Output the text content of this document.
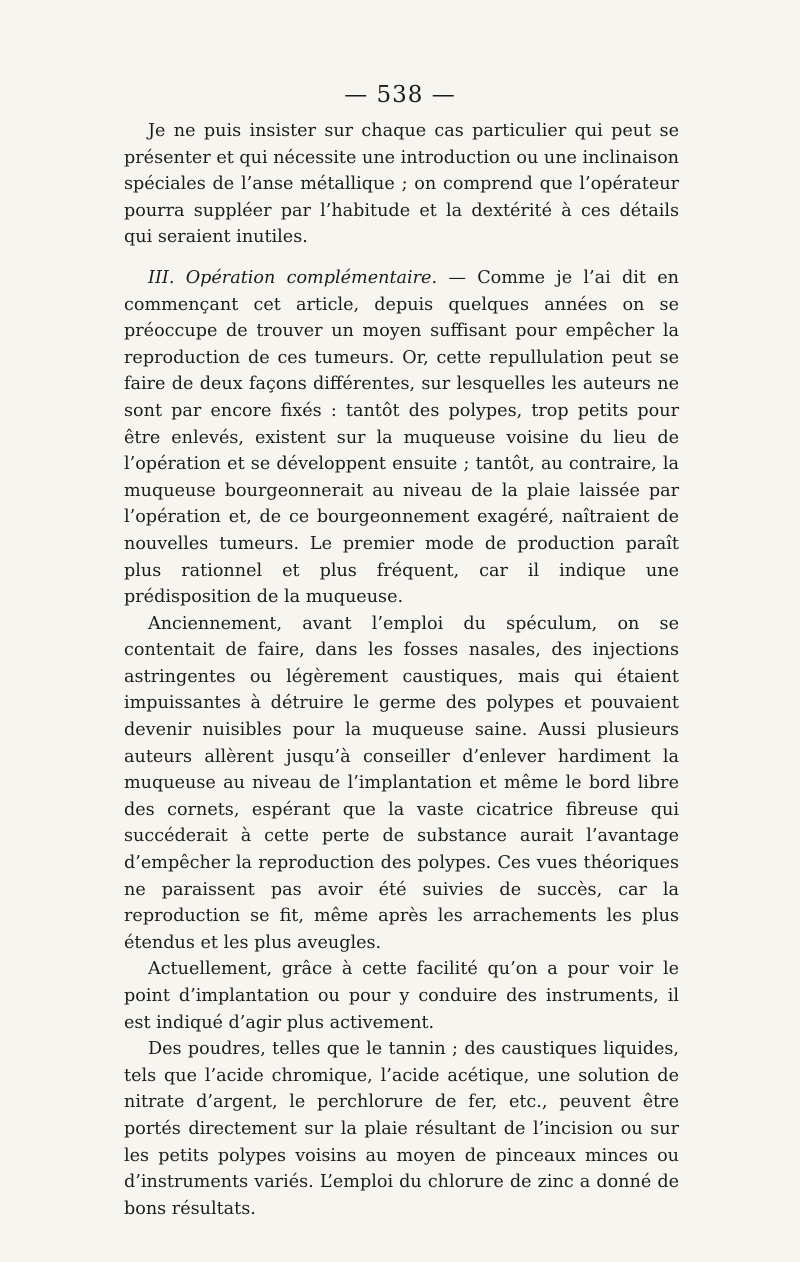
— 538 —

Je ne puis insister sur chaque cas particulier qui peut se présenter et qui nécessite une introduction ou une inclinaison spéciales de l’anse métallique ; on comprend que l’opérateur pourra suppléer par l’habitude et la dextérité à ces détails qui seraient inutiles.

III. Opération complémentaire. — Comme je l’ai dit en commençant cet article, depuis quelques années on se préoccupe de trouver un moyen suffisant pour empêcher la reproduction de ces tumeurs. Or, cette repullulation peut se faire de deux façons différentes, sur lesquelles les auteurs ne sont par encore fixés : tantôt des polypes, trop petits pour être enlevés, existent sur la muqueuse voisine du lieu de l’opération et se développent ensuite ; tantôt, au contraire, la muqueuse bourgeonnerait au niveau de la plaie laissée par l’opération et, de ce bourgeonnement exagéré, naîtraient de nouvelles tumeurs. Le premier mode de production paraît plus rationnel et plus fréquent, car il indique une prédisposition de la muqueuse.

Anciennement, avant l’emploi du spéculum, on se contentait de faire, dans les fosses nasales, des injections astringentes ou légèrement caustiques, mais qui étaient impuissantes à détruire le germe des polypes et pouvaient devenir nuisibles pour la muqueuse saine. Aussi plusieurs auteurs allèrent jusqu’à conseiller d’enlever hardiment la muqueuse au niveau de l’implantation et même le bord libre des cornets, espérant que la vaste cicatrice fibreuse qui succéderait à cette perte de substance aurait l’avantage d’empêcher la reproduction des polypes. Ces vues théoriques ne paraissent pas avoir été suivies de succès, car la reproduction se fit, même après les arrachements les plus étendus et les plus aveugles.

Actuellement, grâce à cette facilité qu’on a pour voir le point d’implantation ou pour y conduire des instruments, il est indiqué d’agir plus activement.

Des poudres, telles que le tannin ; des caustiques liquides, tels que l’acide chromique, l’acide acétique, une solution de nitrate d’argent, le perchlorure de fer, etc., peuvent être portés directement sur la plaie résultant de l’incision ou sur les petits polypes voisins au moyen de pinceaux minces ou d’instruments variés. L’emploi du chlorure de zinc a donné de bons résultats.
